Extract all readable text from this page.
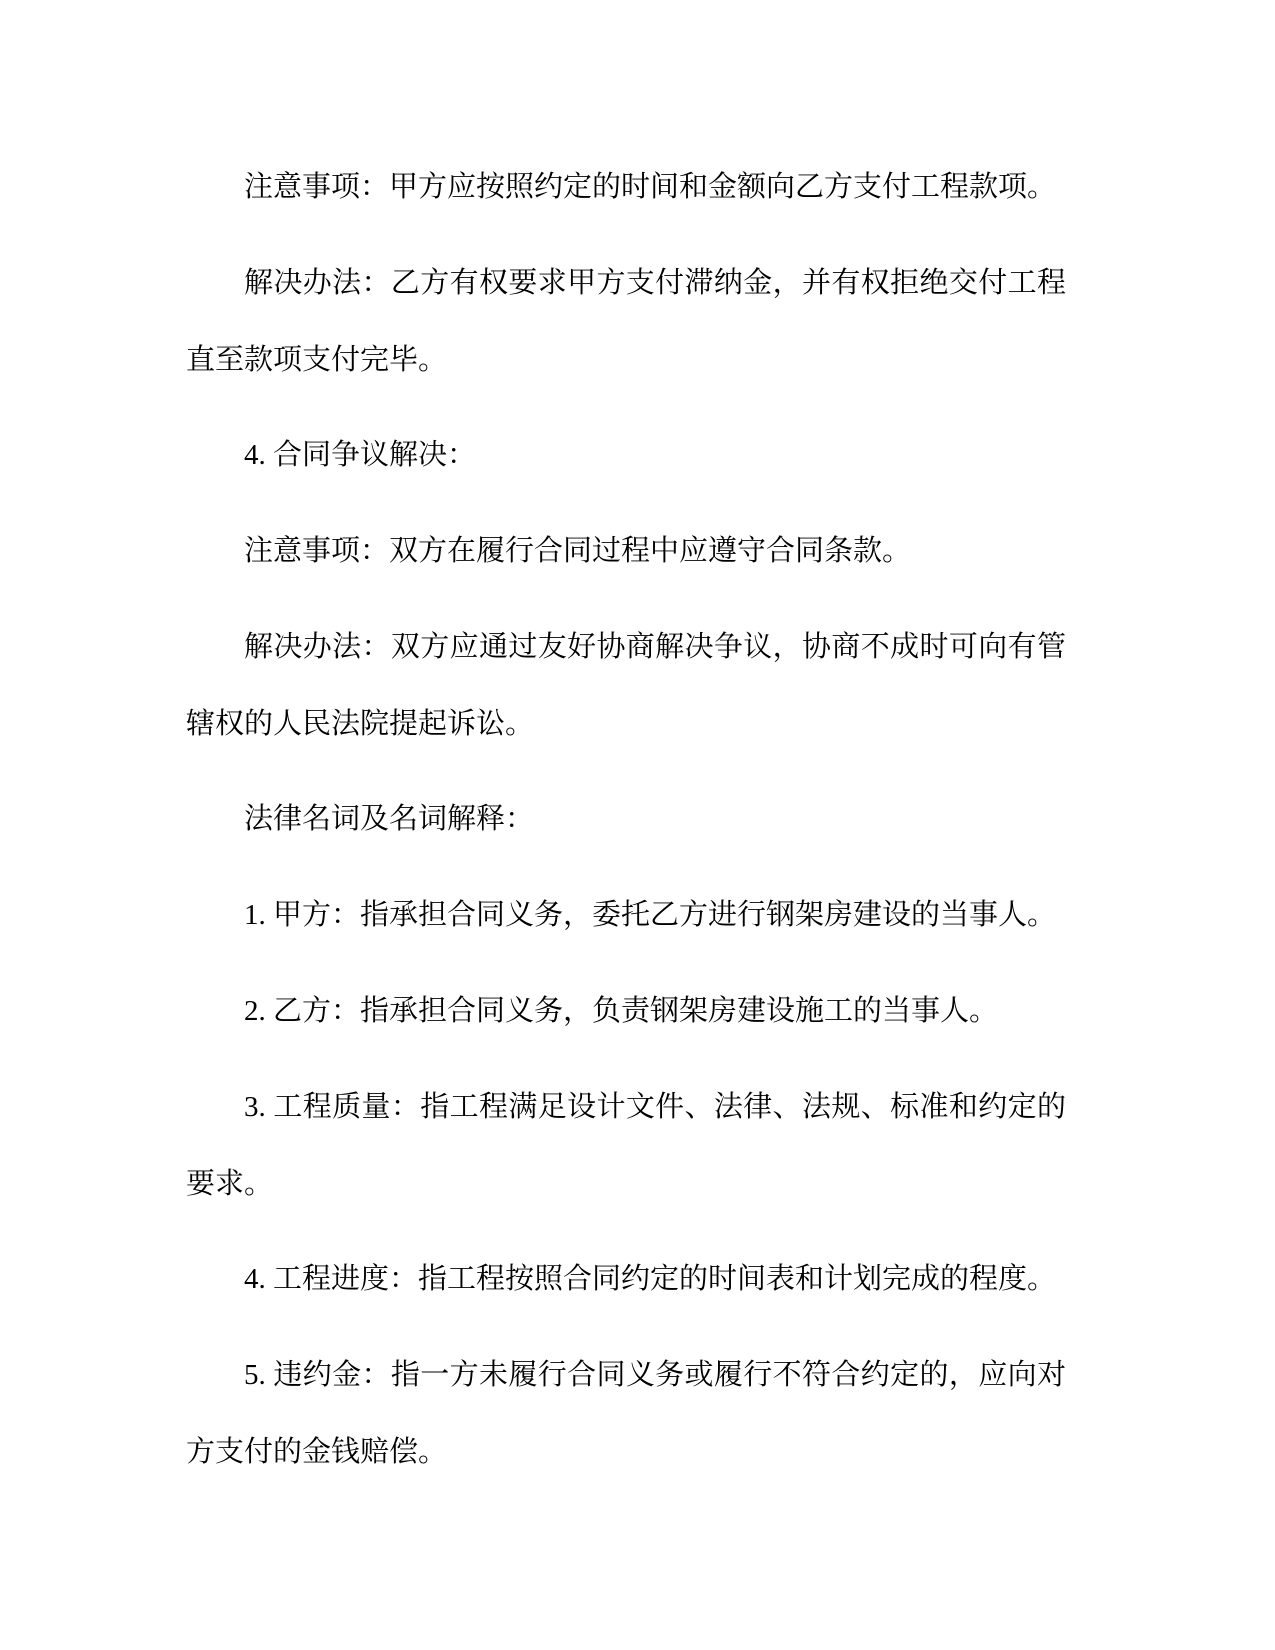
注意事项：甲方应按照约定的时间和金额向乙方支付工程款项。

解决办法：乙方有权要求甲方支付滞纳金，并有权拒绝交付工程直至款项支付完毕。

4. 合同争议解决：

注意事项：双方在履行合同过程中应遵守合同条款。

解决办法：双方应通过友好协商解决争议，协商不成时可向有管辖权的人民法院提起诉讼。

法律名词及名词解释：

1. 甲方：指承担合同义务，委托乙方进行钢架房建设的当事人。

2. 乙方：指承担合同义务，负责钢架房建设施工的当事人。

3. 工程质量：指工程满足设计文件、法律、法规、标准和约定的要求。

4. 工程进度：指工程按照合同约定的时间表和计划完成的程度。

5. 违约金：指一方未履行合同义务或履行不符合约定的，应向对方支付的金钱赔偿。
